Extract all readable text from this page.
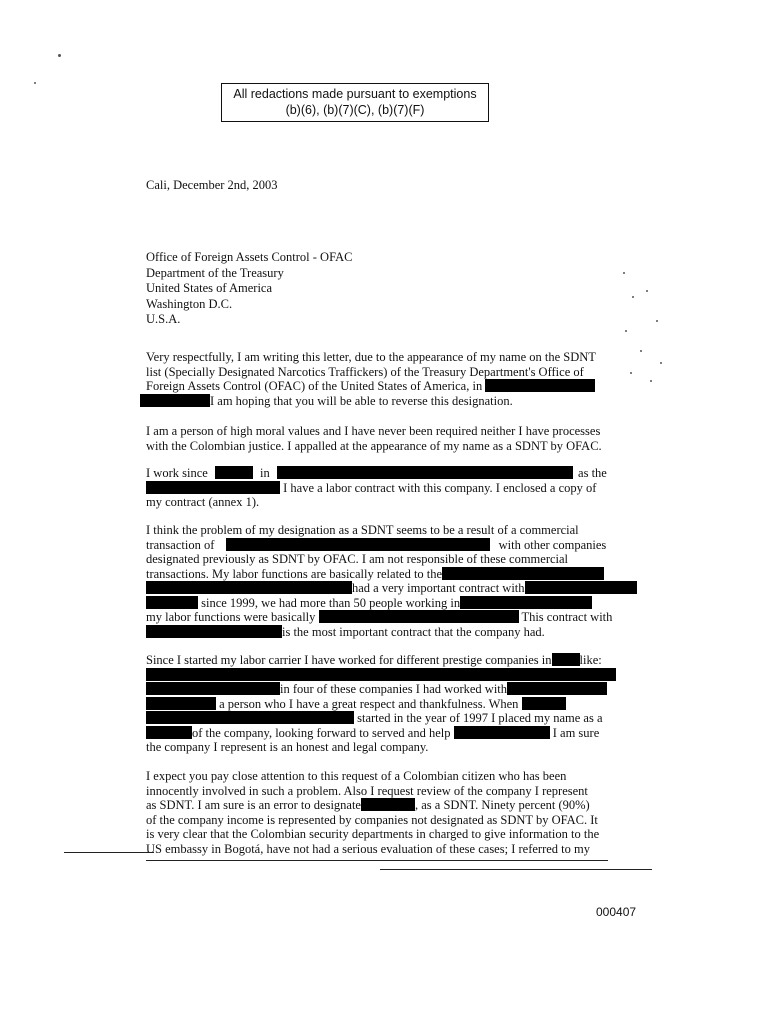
All redactions made pursuant to exemptions
(b)(6), (b)(7)(C), (b)(7)(F)
Cali, December 2nd, 2003
Office of Foreign Assets Control - OFAC
Department of the Treasury
United States of America
Washington D.C.
U.S.A.
Very respectfully, I am writing this letter, due to the appearance of my name on the SDNT
list (Specially Designated Narcotics Traffickers) of the Treasury Department's Office of
Foreign Assets Control (OFAC) of the United States of America, in
I am hoping that you will be able to reverse this designation.
I am a person of high moral values and I have never been required neither I have processes
with the Colombian justice. I appalled at the appearance of my name as a SDNT by OFAC.
I work since	in	as the
I have a labor contract with this company. I enclosed a copy of
my contract (annex 1).
I think the problem of my designation as a SDNT seems to be a result of a commercial
transaction of	with other companies
designated previously as SDNT by OFAC. I am not responsible of these commercial
transactions. My labor functions are basically related to the
had a very important contract with
since 1999, we had more than 50 people working in
my labor functions were basically	This contract with
is the most important contract that the company had.
Since I started my labor carrier I have worked for different prestige companies in like:
in four of these companies I had worked with
a person who I have a great respect and thankfulness. When
started in the year of 1997 I placed my name as a
of the company, looking forward to served and help	I am sure
the company I represent is an honest and legal company.
I expect you pay close attention to this request of a Colombian citizen who has been
innocently involved in such a problem. Also I request review of the company I represent
as SDNT. I am sure is an error to designate	, as a SDNT. Ninety percent (90%)
of the company income is represented by companies not designated as SDNT by OFAC. It
is very clear that the Colombian security departments in charged to give information to the
US embassy in Bogotá, have not had a serious evaluation of these cases; I referred to my
000407
